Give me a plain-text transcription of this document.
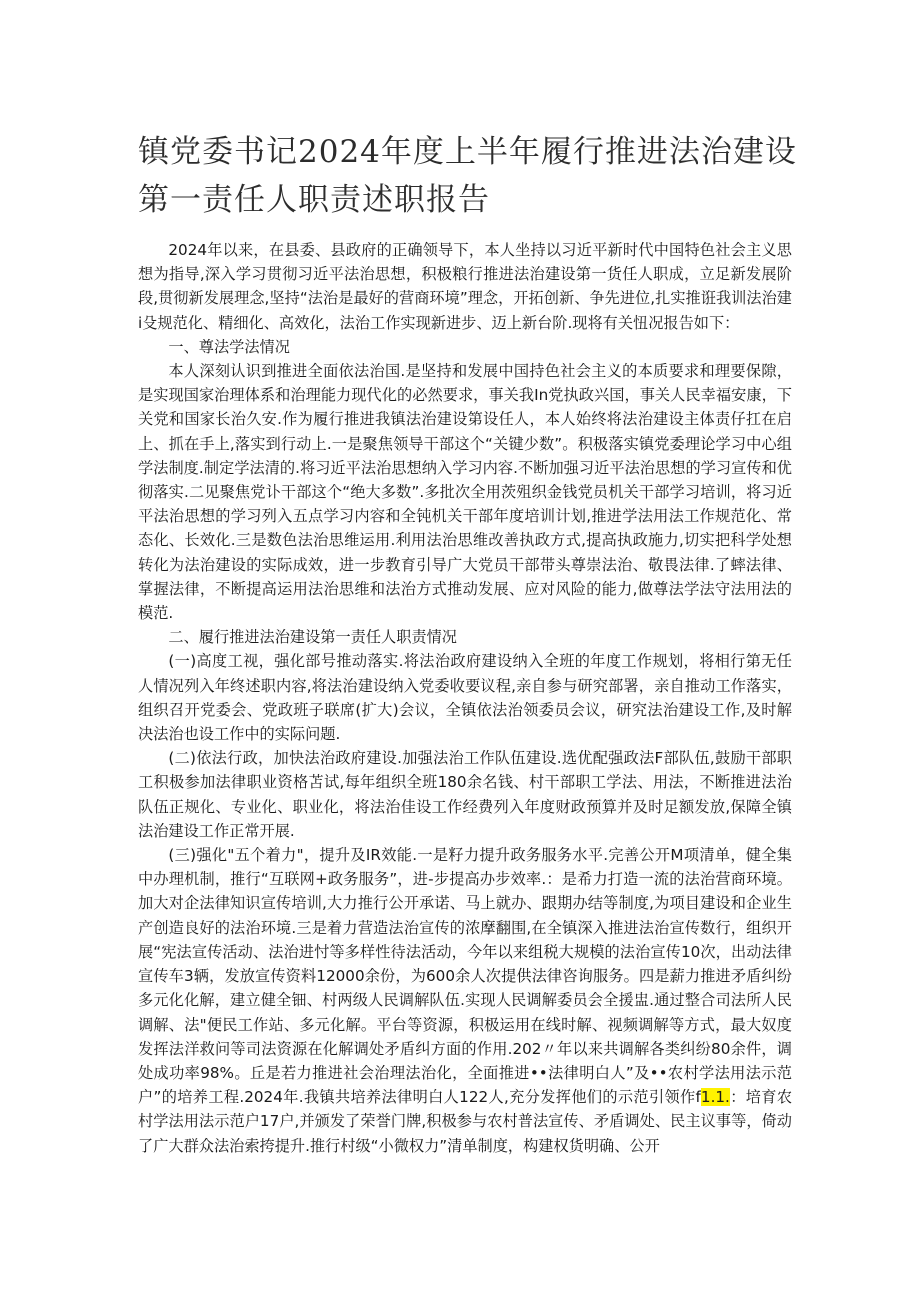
镇党委书记2024年度上半年履行推进法治建设第一责任人职责述职报告

2024年以来，在县委、县政府的正确领导下，本人坐持以习近平新时代中国特色社会主义思想为指导,深入学习贯彻习近平法治思想，积极粮行推进法治建设第一货任人职成，立足新发展阶段,贯彻新发展理念,坚持“法治是最好的营商环境”理念，开拓创新、争先进位,扎实推诳我训法治建i殳规范化、精细化、高效化，法治工作实现新进步、迈上新台阶.现将有关忸况报告如下：

一、尊法学法情况

本人深刻认识到推进全面依法治国.是坚持和发展中国持色社会主义的本质要求和理要保隙，是实现国家治理体系和治理能力现代化的必然要求，事关我In党执政兴国，事关人民幸福安康，下关党和国家长治久安.作为履行推进我镇法治建设第设任人，本人始终将法治建设主体责仔扛在启上、抓在手上,落实到行动上.一是聚焦领导干部这个“关键少数”。积极落实镇党委理论学习中心组学法制度.制定学法清的.将习近平法治思想纳入学习内容.不断加强习近平法治思想的学习宣传和优彻落实.二见聚焦党讣干部这个“绝大多数”.多批次全用茨殂织金钱党员机关干部学习培训，将习近平法治思想的学习列入五点学习内容和全钝机关干部年度培训计划,推进学法用法工作规范化、常态化、长效化.三是数色法治思维运用.利用法治思维改善执政方式,提高执政施力,切实把科学处想转化为法治建设的实际成效，进一步教育引导广大党员干部带头尊崇法治、敬畏法律.了蟀法律、掌握法律，不断提高运用法治思维和法治方式推动发展、应对风险的能力,做尊法学法守法用法的模范.

二、履行推进法治建设第一责任人职责情况

(一)高度工视，强化部号推动落实.将法治政府建设纳入全班的年度工作规划，将相行第无任人情况列入年终述职内容,将法治建设纳入党委收要议程,亲自参与研究部署，亲自推动工作落实，组织召开党委会、党政班子联席(扩大)会议，全镇依法治领委员会议，研究法治建设工作,及时解决法治也设工作中的实际问题.

(二)依法行政，加快法治政府建设.加强法治工作队伍建设.选优配强政法F部队伍,鼓励干部职工积极参加法律职业资格苫试,每年组织全班180余名钱、村干部职工学法、用法，不断推进法治队伍正规化、专业化、职业化，将法治佳设工作经费列入年度财政预算并及时足额发放,保障全镇法治建设工作正常开展.

(三)强化"五个着力"，提升及IR效能.一是籽力提升政务服务水平.完善公开M项清单，健全集中办理机制，推行“互联网+政务服务”，进-步提高办步效率.：是希力打造一流的法治营商环境。加大对企法律知识宣传培训,大力推行公开承诺、马上就办、跟期办结等制度,为项目建设和企业生产创造良好的法治环境.三是着力营造法治宣传的浓摩翻围,在全镇深入推进法治宣传数行，组织开展“宪法宣传活动、法治进忖等多样性待法活动，今年以来组税大规模的法治宣传10次，出动法律宣传车3辆，发放宣传资料12000余份，为600余人次提供法律咨询服务。四是薪力推进矛盾纠纷多元化化解，建立健全钿、村两级人民调解队伍.实现人民调解委员会全援盅.通过整合司法所人民调解、法"便民工作站、多元化解。平台等资源，积极运用在线时解、视频调解等方式，最大奴度发挥法洋救问等司法资源在化解调处矛盾纠方面的作用.202〃年以来共调解各类纠纷80余件，调处成功率98%。丘是若力推进社会治理法治化，全面推进••法律明白人”及••农村学法用法示范户”的培养工程.2024年.我镇共培养法律明白人122人,充分发挥他们的示范引领作f1.1.：培育农村学法用法示范户17户,并颁发了荣誉门牌,积极参与农村普法宣传、矛盾调处、民主议事等，倚动了广大群众法治索挎提升.推行村级“小微权力”清单制度，构建权货明确、公开
